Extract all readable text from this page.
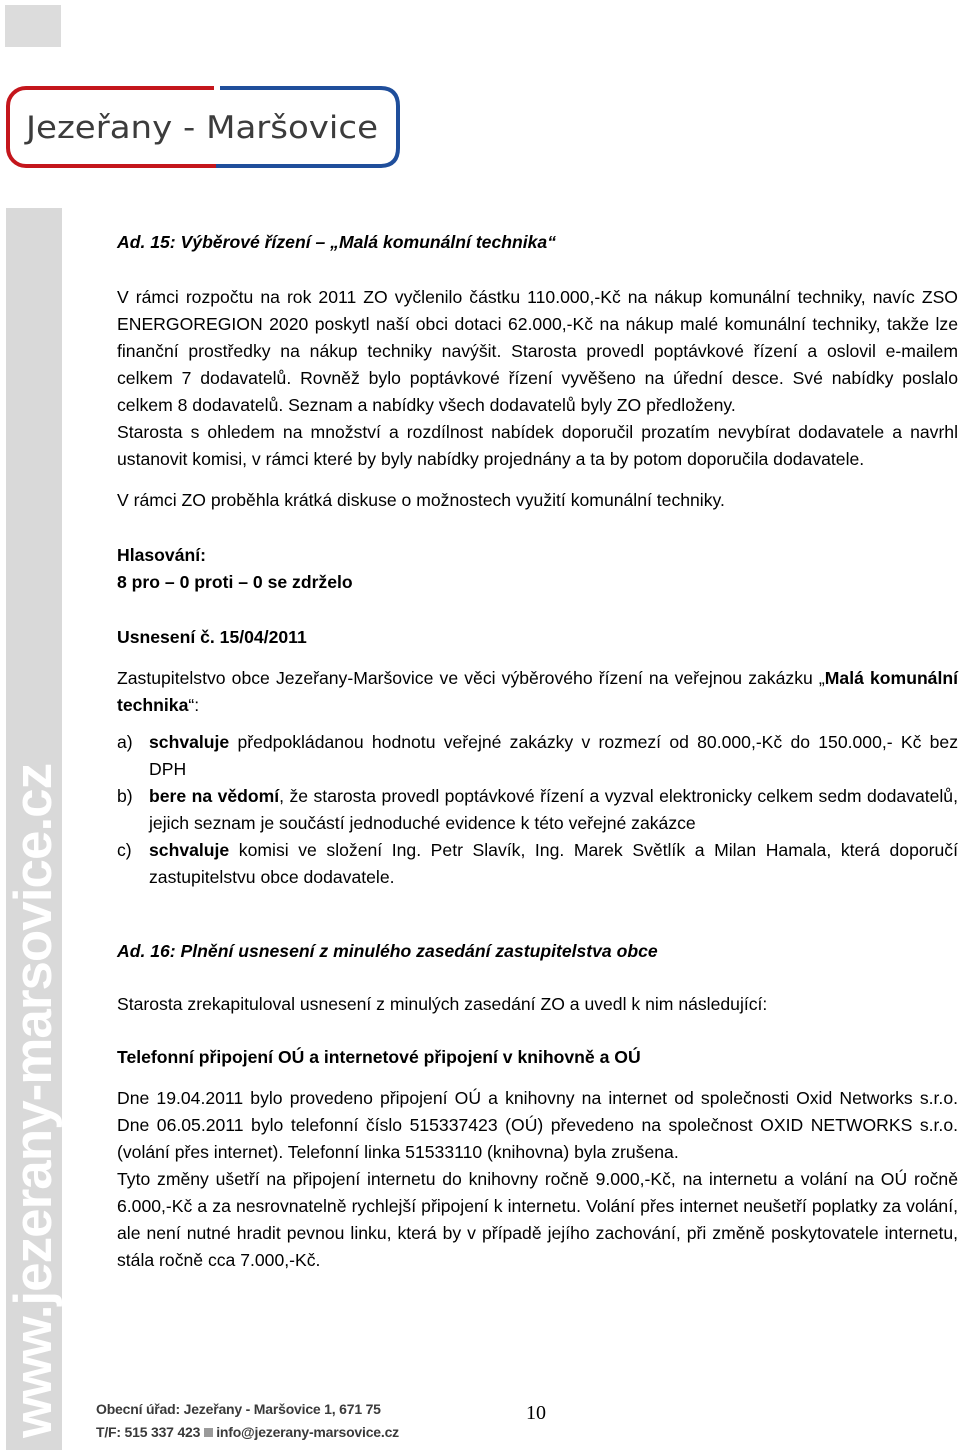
Jezeřany - Maršovice
www.jezerany-marsovice.cz

Ad. 15: Výběrové řízení – „Malá komunální technika“

V rámci rozpočtu na rok 2011 ZO vyčlenilo částku 110.000,-Kč na nákup komunální techniky, navíc ZSO ENERGOREGION 2020 poskytl naší obci dotaci 62.000,-Kč na nákup malé komunální techniky, takže lze finanční prostředky na nákup techniky navýšit. Starosta provedl poptávkové řízení a oslovil e-mailem celkem 7 dodavatelů. Rovněž bylo poptávkové řízení vyvěšeno na úřední desce. Své nabídky poslalo celkem 8 dodavatelů. Seznam a nabídky všech dodavatelů byly ZO předloženy.

Starosta s ohledem na množství a rozdílnost nabídek doporučil prozatím nevybírat dodavatele a navrhl ustanovit komisi, v rámci které by byly nabídky projednány a ta by potom doporučila dodavatele.

V rámci ZO proběhla krátká diskuse o možnostech využití komunální techniky.

Hlasování:

8 pro – 0 proti – 0 se zdrželo

Usnesení č. 15/04/2011

Zastupitelstvo obce Jezeřany-Maršovice ve věci výběrového řízení na veřejnou zakázku „Malá komunální technika“:

a) schvaluje předpokládanou hodnotu veřejné zakázky v rozmezí od 80.000,-Kč do 150.000,- Kč bez DPH
b) bere na vědomí, že starosta provedl poptávkové řízení a vyzval elektronicky celkem sedm dodavatelů, jejich seznam je součástí jednoduché evidence k této veřejné zakázce
c) schvaluje komisi ve složení Ing. Petr Slavík, Ing. Marek Světlík a Milan Hamala, která doporučí zastupitelstvu obce dodavatele.

Ad. 16: Plnění usnesení z minulého zasedání zastupitelstva obce

Starosta zrekapituloval usnesení z minulých zasedání ZO a uvedl k nim následující:

Telefonní připojení OÚ a internetové připojení v knihovně a OÚ

Dne 19.04.2011 bylo provedeno připojení OÚ a knihovny na internet od společnosti Oxid Networks s.r.o. Dne 06.05.2011 bylo telefonní číslo 515337423 (OÚ) převedeno na společnost OXID NETWORKS s.r.o. (volání přes internet). Telefonní linka 51533110 (knihovna) byla zrušena.

Tyto změny ušetří na připojení internetu do knihovny ročně 9.000,-Kč, na internetu a volání na OÚ ročně 6.000,-Kč a za nesrovnatelně rychlejší připojení k internetu. Volání přes internet neušetří poplatky za volání, ale není nutné hradit pevnou linku, která by v případě jejího zachování, při změně poskytovatele internetu, stála ročně cca 7.000,-Kč.

Obecní úřad: Jezeřany - Maršovice 1, 671 75
T/F: 515 337 423 info@jezerany-marsovice.cz
10
